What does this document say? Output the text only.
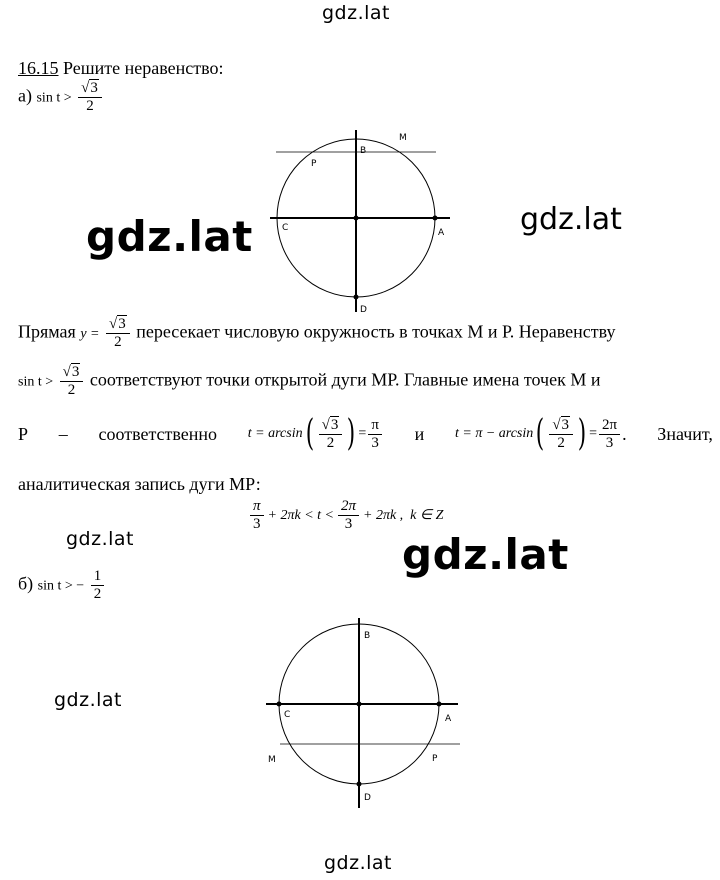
gdz.lat
gdz.lat	gdz.lat
gdz.lat	gdz.lat
gdz.lat
gdz.lat
16.15 Решите неравенство:
а) $\sin t > \frac{√3}{2}$
M
B
P
C	A
D
Прямая $y = \frac{√3}{2}$ пересекает числовую окружность в точках М и Р. Неравенству
$\sin t > \frac{√3}{2}$ соответствуют точки открытой дуги МР. Главные имена точек М и
Р – соответственно t = arcsin ( $\frac{√3}{2}$ ) = $\frac{\pi}{3}$ и t = π − arcsin ( $\frac{√3}{2}$ ) = $\frac{2\pi}{3}$ . Значит,
аналитическая запись дуги МР:
$\frac{\pi}{3} + 2\pi k < t < \frac{2\pi}{3} + 2\pi k$ ,  k ∈ Z
б) sin t > − $\frac{1}{2}$
B
C	A
M	P
D
